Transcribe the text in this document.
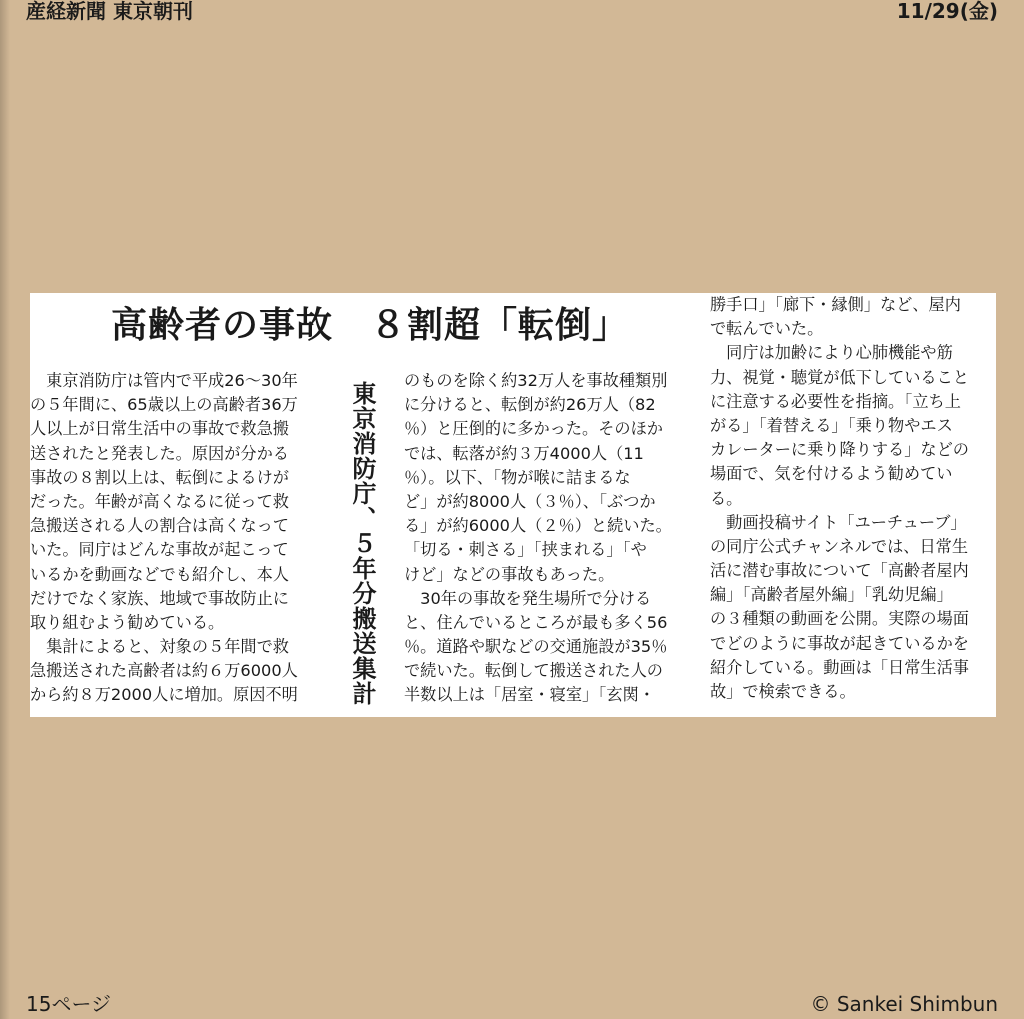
産経新聞 東京朝刊	11/29(金)
高齢者の事故　８割超「転倒」
東京消防庁、５年分搬送集計
　東京消防庁は管内で平成26〜30年
の５年間に、65歳以上の高齢者36万
人以上が日常生活中の事故で救急搬
送されたと発表した。原因が分かる
事故の８割以上は、転倒によるけが
だった。年齢が高くなるに従って救
急搬送される人の割合は高くなって
いた。同庁はどんな事故が起こって
いるかを動画などでも紹介し、本人
だけでなく家族、地域で事故防止に
取り組むよう勧めている。
　集計によると、対象の５年間で救
急搬送された高齢者は約６万6000人
から約８万2000人に増加。原因不明
のものを除く約32万人を事故種類別
に分けると、転倒が約26万人（82
％）と圧倒的に多かった。そのほか
では、転落が約３万4000人（11
％）。以下、「物が喉に詰まるな
ど」が約8000人（３％）、「ぶつか
る」が約6000人（２％）と続いた。
「切る・刺さる」「挟まれる」「や
けど」などの事故もあった。
　30年の事故を発生場所で分ける
と、住んでいるところが最も多く56
％。道路や駅などの交通施設が35％
で続いた。転倒して搬送された人の
半数以上は「居室・寝室」「玄関・
勝手口」「廊下・縁側」など、屋内
で転んでいた。
　同庁は加齢により心肺機能や筋
力、視覚・聴覚が低下していること
に注意する必要性を指摘。「立ち上
がる」「着替える」「乗り物やエス
カレーターに乗り降りする」などの
場面で、気を付けるよう勧めてい
る。
　動画投稿サイト「ユーチューブ」
の同庁公式チャンネルでは、日常生
活に潜む事故について「高齢者屋内
編」「高齢者屋外編」「乳幼児編」
の３種類の動画を公開。実際の場面
でどのように事故が起きているかを
紹介している。動画は「日常生活事
故」で検索できる。
15ページ	© Sankei Shimbun
